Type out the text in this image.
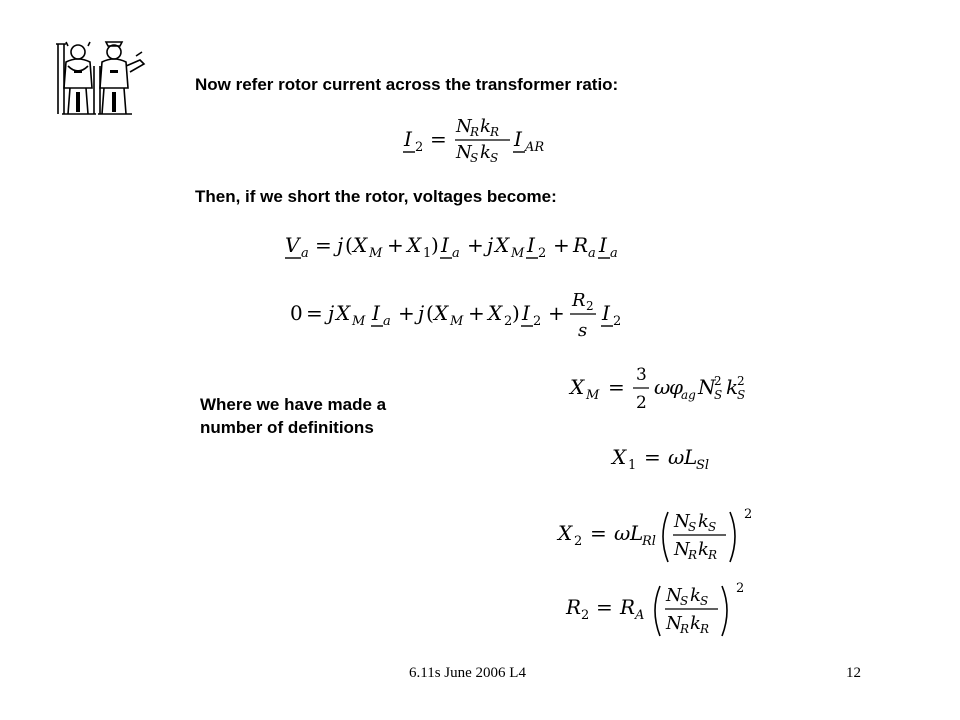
Now refer rotor current across the transformer ratio:
Then, if we short the rotor, voltages become:
Where we have made a
number of definitions
I 2 =
N
R k R
N
S k S
I AR
V a = j ( X M + X 1 ) I a + j X M I 2 + R a I a
0 = j X M I a + j ( X M + X 2 ) I 2 +
R 2
s
I 2
X M = 3
2
ω
φ
ag N
2
S k
2
S
X 1 = ω L
Sl
X 2 = ω L
Rl
N
S k S
N
R k R
2
R 2 = R A
N
S k S
N
R k R
2
6.11s June 2006 L4	12
